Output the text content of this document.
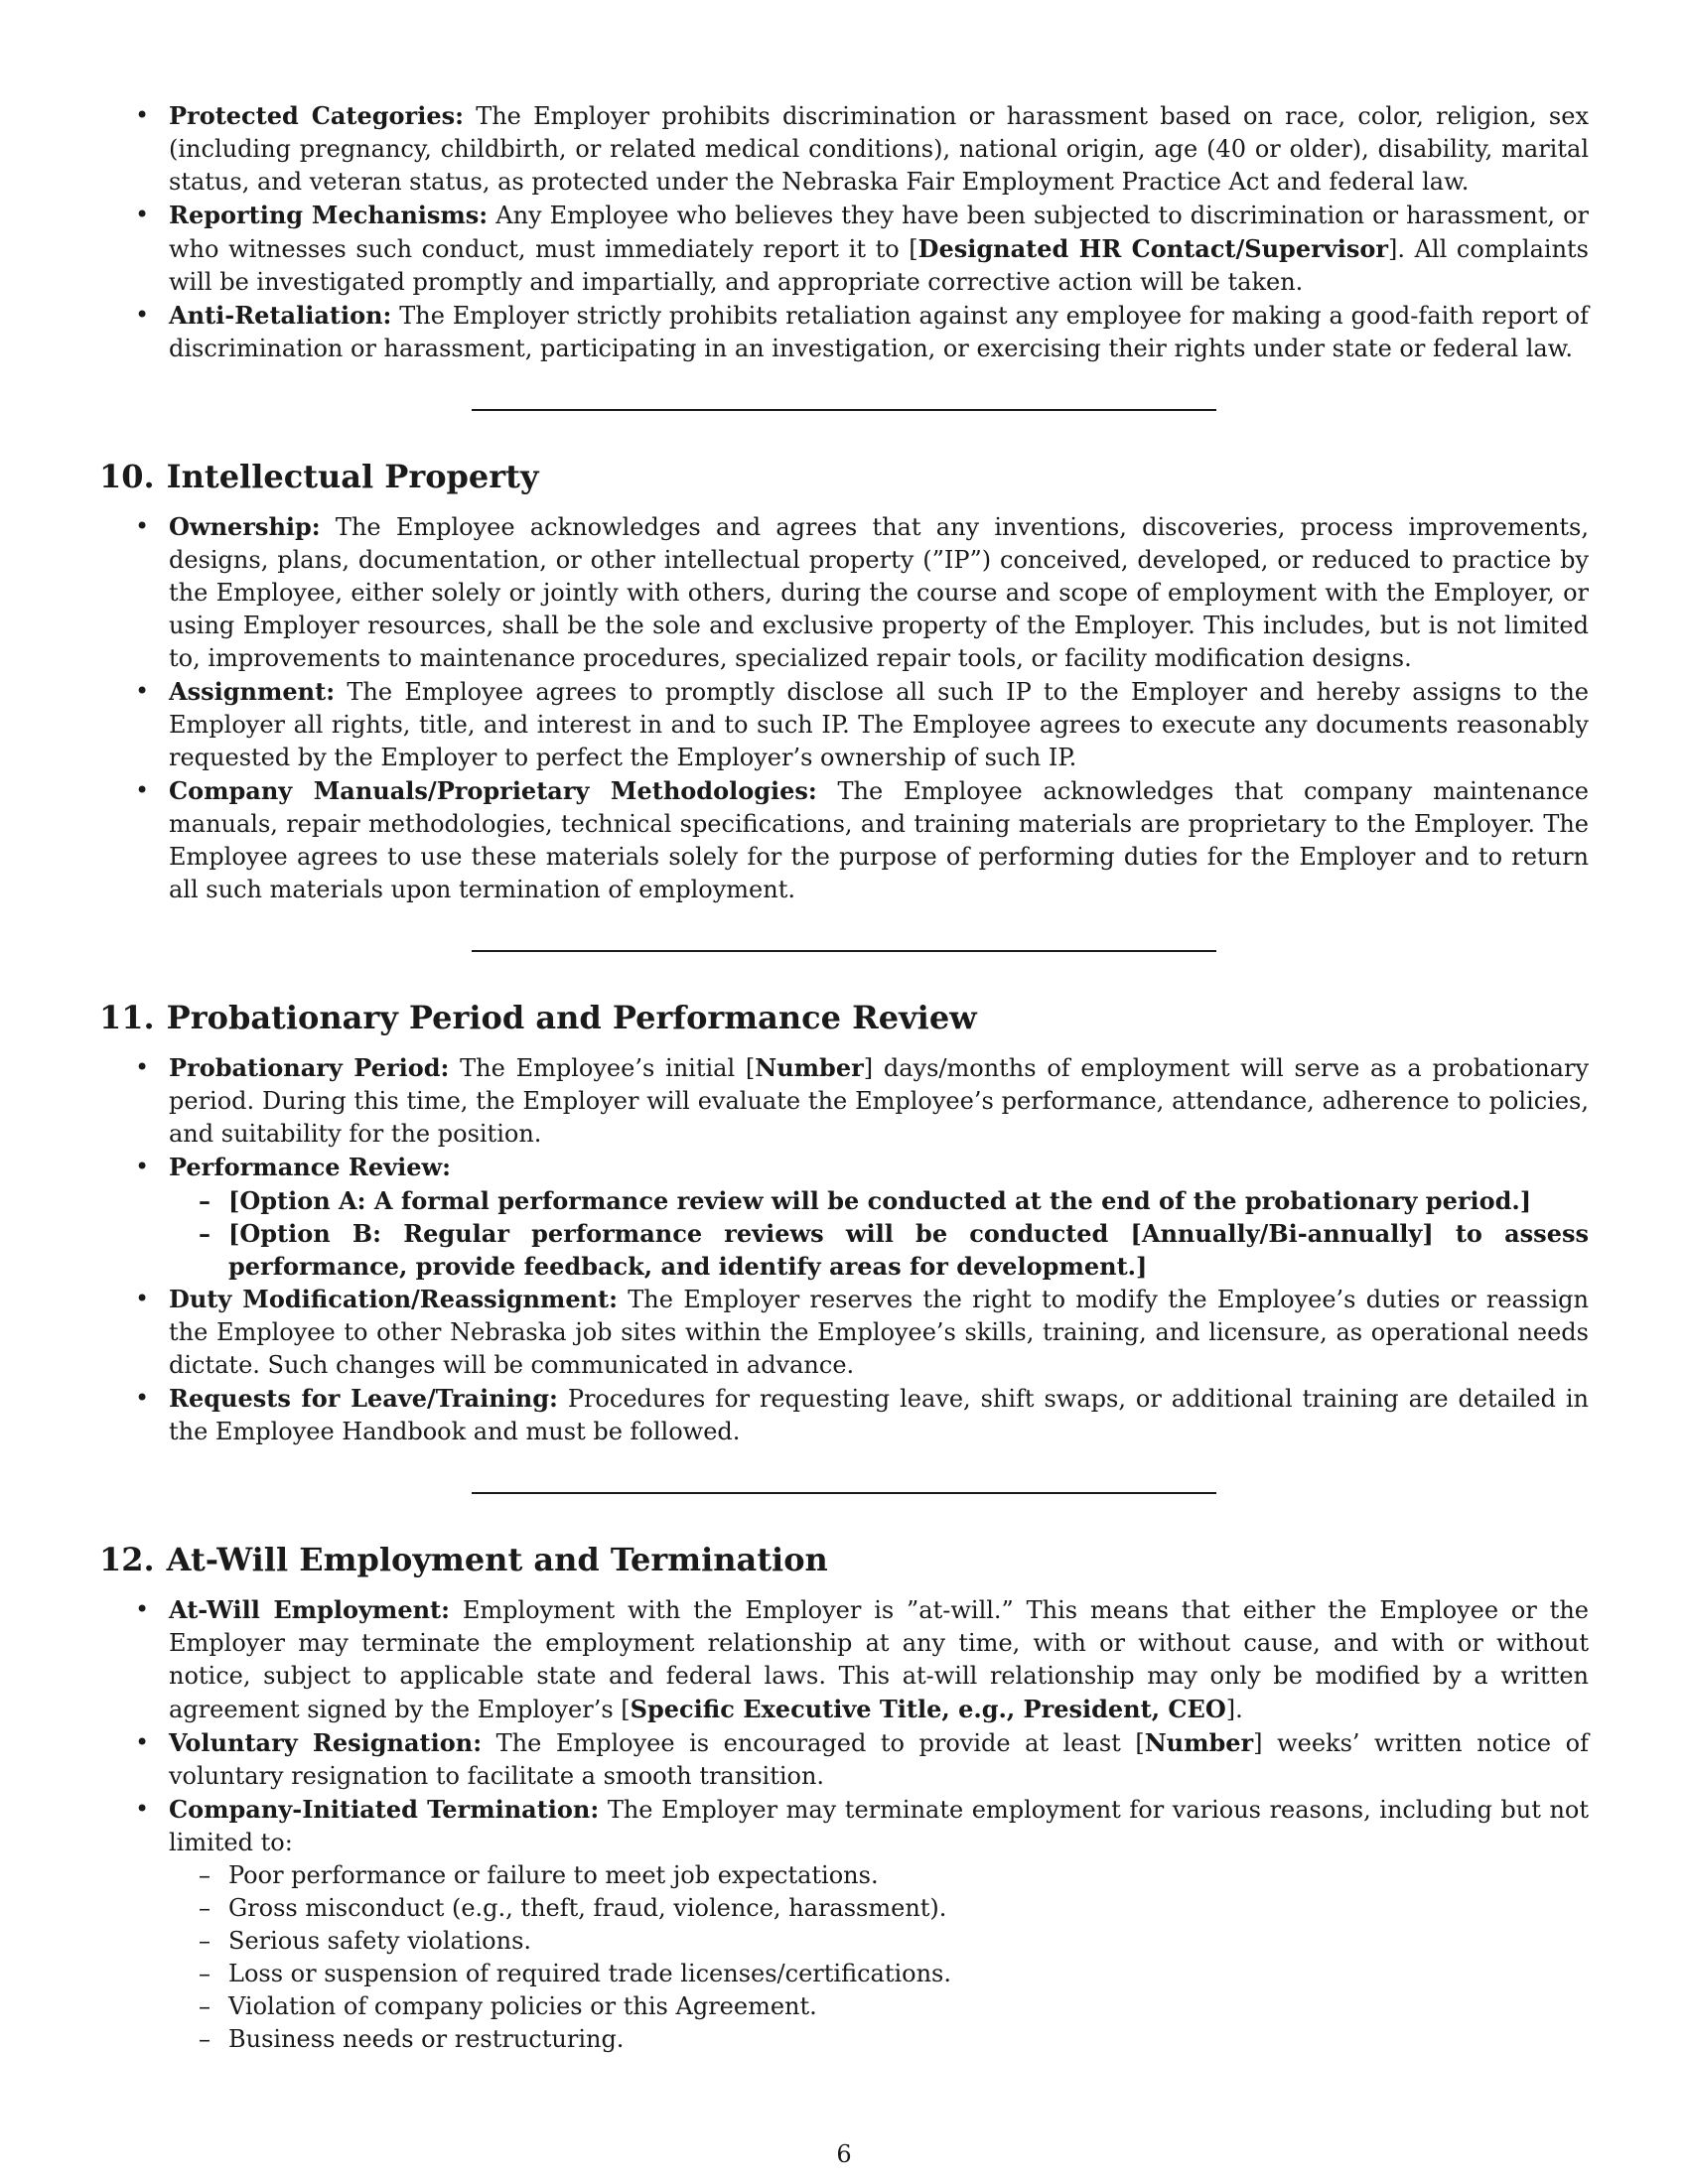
• Protected Categories: The Employer prohibits discrimination or harassment based on race, color, religion, sex (including pregnancy, childbirth, or related medical conditions), national origin, age (40 or older), disability, marital status, and veteran status, as protected under the Nebraska Fair Employment Practice Act and federal law.
• Reporting Mechanisms: Any Employee who believes they have been subjected to discrimination or harassment, or who witnesses such conduct, must immediately report it to [Designated HR Contact/Supervisor]. All complaints will be investigated promptly and impartially, and appropriate corrective action will be taken.
• Anti-Retaliation: The Employer strictly prohibits retaliation against any employee for making a good-faith report of discrimination or harassment, participating in an investigation, or exercising their rights under state or federal law.
10. Intellectual Property
• Ownership: The Employee acknowledges and agrees that any inventions, discoveries, process improvements, designs, plans, documentation, or other intellectual property (”IP”) conceived, developed, or reduced to practice by the Employee, either solely or jointly with others, during the course and scope of employment with the Employer, or using Employer resources, shall be the sole and exclusive property of the Employer. This includes, but is not limited to, improvements to maintenance procedures, specialized repair tools, or facility modification designs.
• Assignment: The Employee agrees to promptly disclose all such IP to the Employer and hereby assigns to the Employer all rights, title, and interest in and to such IP. The Employee agrees to execute any documents reasonably requested by the Employer to perfect the Employer’s ownership of such IP.
• Company Manuals/Proprietary Methodologies: The Employee acknowledges that company maintenance manuals, repair methodologies, technical specifications, and training materials are proprietary to the Employer. The Employee agrees to use these materials solely for the purpose of performing duties for the Employer and to return all such materials upon termination of employment.
11. Probationary Period and Performance Review
• Probationary Period: The Employee’s initial [Number] days/months of employment will serve as a probationary period. During this time, the Employer will evaluate the Employee’s performance, attendance, adherence to policies, and suitability for the position.
• Performance Review:
– [Option A: A formal performance review will be conducted at the end of the probationary period.]
– [Option B: Regular performance reviews will be conducted [Annually/Bi-annually] to assess performance, provide feedback, and identify areas for development.]
• Duty Modification/Reassignment: The Employer reserves the right to modify the Employee’s duties or reassign the Employee to other Nebraska job sites within the Employee’s skills, training, and licensure, as operational needs dictate. Such changes will be communicated in advance.
• Requests for Leave/Training: Procedures for requesting leave, shift swaps, or additional training are detailed in the Employee Handbook and must be followed.
12. At-Will Employment and Termination
• At-Will Employment: Employment with the Employer is ”at-will.” This means that either the Employee or the Employer may terminate the employment relationship at any time, with or without cause, and with or without notice, subject to applicable state and federal laws. This at-will relationship may only be modified by a written agreement signed by the Employer’s [Specific Executive Title, e.g., President, CEO].
• Voluntary Resignation: The Employee is encouraged to provide at least [Number] weeks’ written notice of voluntary resignation to facilitate a smooth transition.
• Company-Initiated Termination: The Employer may terminate employment for various reasons, including but not limited to:
– Poor performance or failure to meet job expectations.
– Gross misconduct (e.g., theft, fraud, violence, harassment).
– Serious safety violations.
– Loss or suspension of required trade licenses/certifications.
– Violation of company policies or this Agreement.
– Business needs or restructuring.
6
